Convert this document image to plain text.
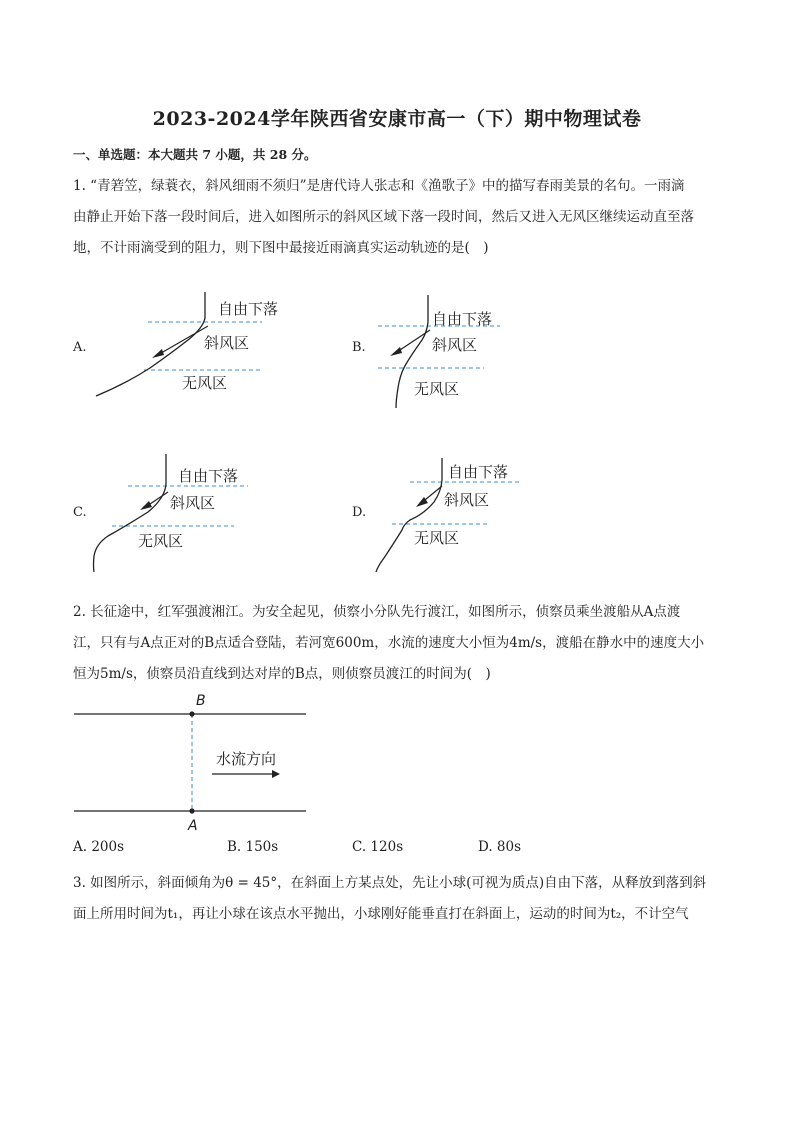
2023-2024学年陕西省安康市高一（下）期中物理试卷
一、单选题：本大题共 7 小题，共 28 分。
1. “青箬笠，绿蓑衣，斜风细雨不须归”是唐代诗人张志和《渔歌子》中的描写春雨美景的名句。一雨滴
由静止开始下落一段时间后，进入如图所示的斜风区域下落一段时间，然后又进入无风区继续运动直至落
地，不计雨滴受到的阻力，则下图中最接近雨滴真实运动轨迹的是(　)
A.	B.
C.	D.
自由下落
斜风区
无风区
自由下落
斜风区
无风区
自由下落
斜风区
无风区
自由下落
斜风区
无风区
2. 长征途中，红军强渡湘江。为安全起见，侦察小分队先行渡江，如图所示，侦察员乘坐渡船从A点渡
江，只有与A点正对的B点适合登陆，若河宽600m，水流的速度大小恒为4m/s，渡船在静水中的速度大小
恒为5m/s，侦察员沿直线到达对岸的B点，则侦察员渡江的时间为(　)
B
A
水流方向
A. 200s	B. 150s	C. 120s	D. 80s
3. 如图所示，斜面倾角为θ = 45°，在斜面上方某点处，先让小球(可视为质点)自由下落，从释放到落到斜
面上所用时间为t₁，再让小球在该点水平抛出，小球刚好能垂直打在斜面上，运动的时间为t₂，不计空气
